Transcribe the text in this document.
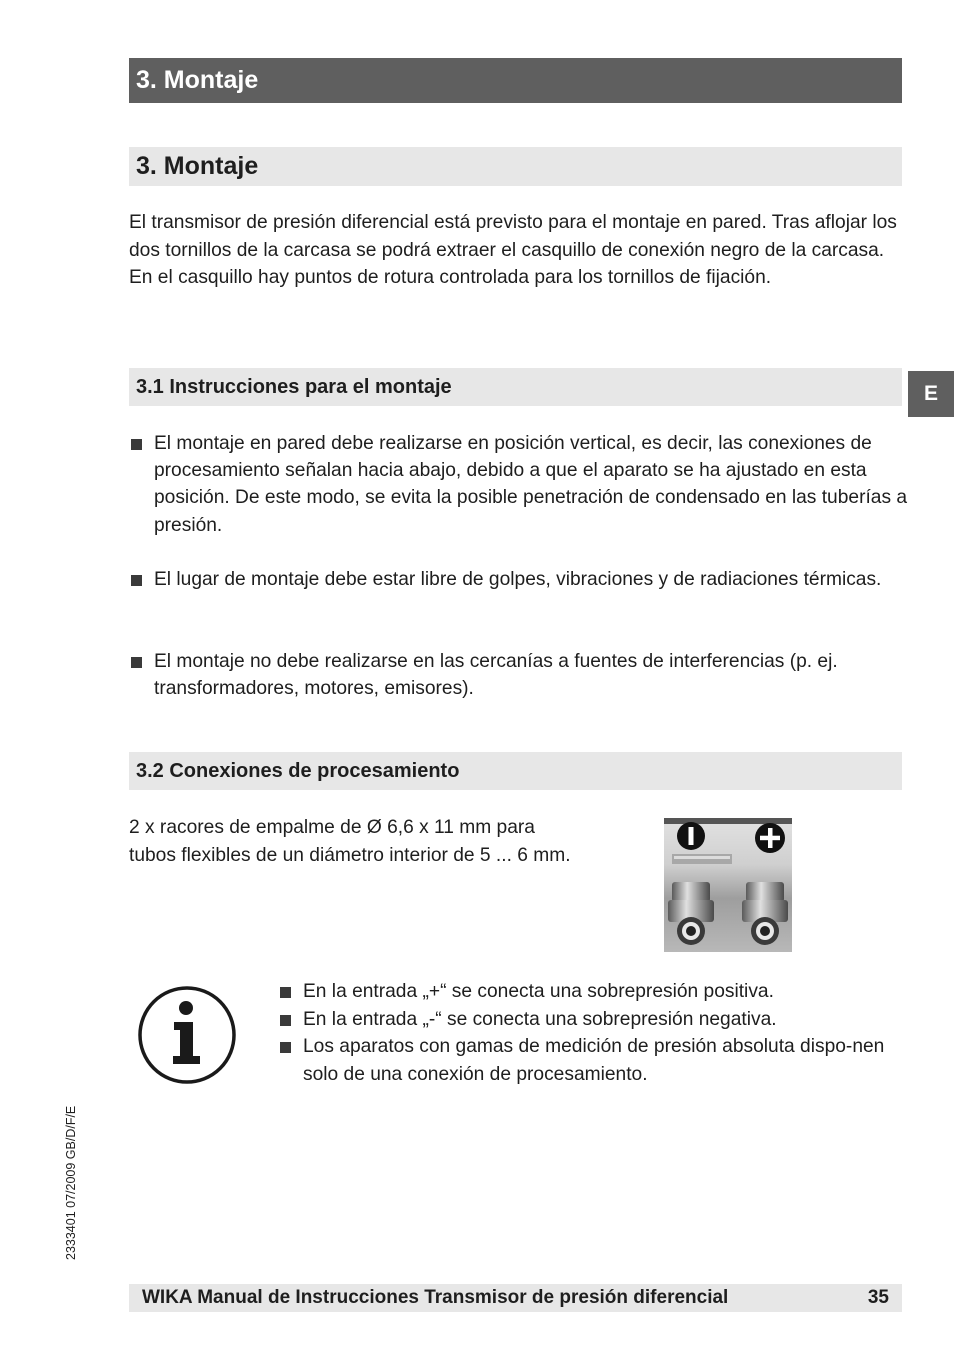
3. Montaje
3. Montaje
El transmisor de presión diferencial está previsto para el montaje en pared. Tras aflojar los dos tornillos de la carcasa se podrá extraer el casquillo de conexión negro de la carcasa. En el casquillo hay puntos de rotura controlada para los tornillos de fijación.
3.1 Instrucciones para el montaje	E
El montaje en pared debe realizarse en posición vertical, es decir, las conexiones de procesamiento señalan hacia abajo, debido a que el aparato se ha ajustado en esta posición. De este modo, se evita la posible penetración de condensado en las tuberías a presión.
El lugar de montaje debe estar libre de golpes, vibraciones y de radiaciones térmicas.
El montaje no debe realizarse en las cercanías a fuentes de interferencias (p. ej. transformadores, motores, emisores).
3.2 Conexiones de procesamiento
2 x racores de empalme de Ø 6,6 x 11 mm para
tubos flexibles de un diámetro interior de 5 ... 6 mm.
En la entrada „+“ se conecta una sobrepresión positiva.
En la entrada „-“ se conecta una sobrepresión negativa.
Los aparatos con gamas de medición de presión absoluta dispo-nen solo de una conexión de procesamiento.
2333401 07/2009 GB/D/F/E
WIKA Manual de Instrucciones Transmisor de presión diferencial	35
